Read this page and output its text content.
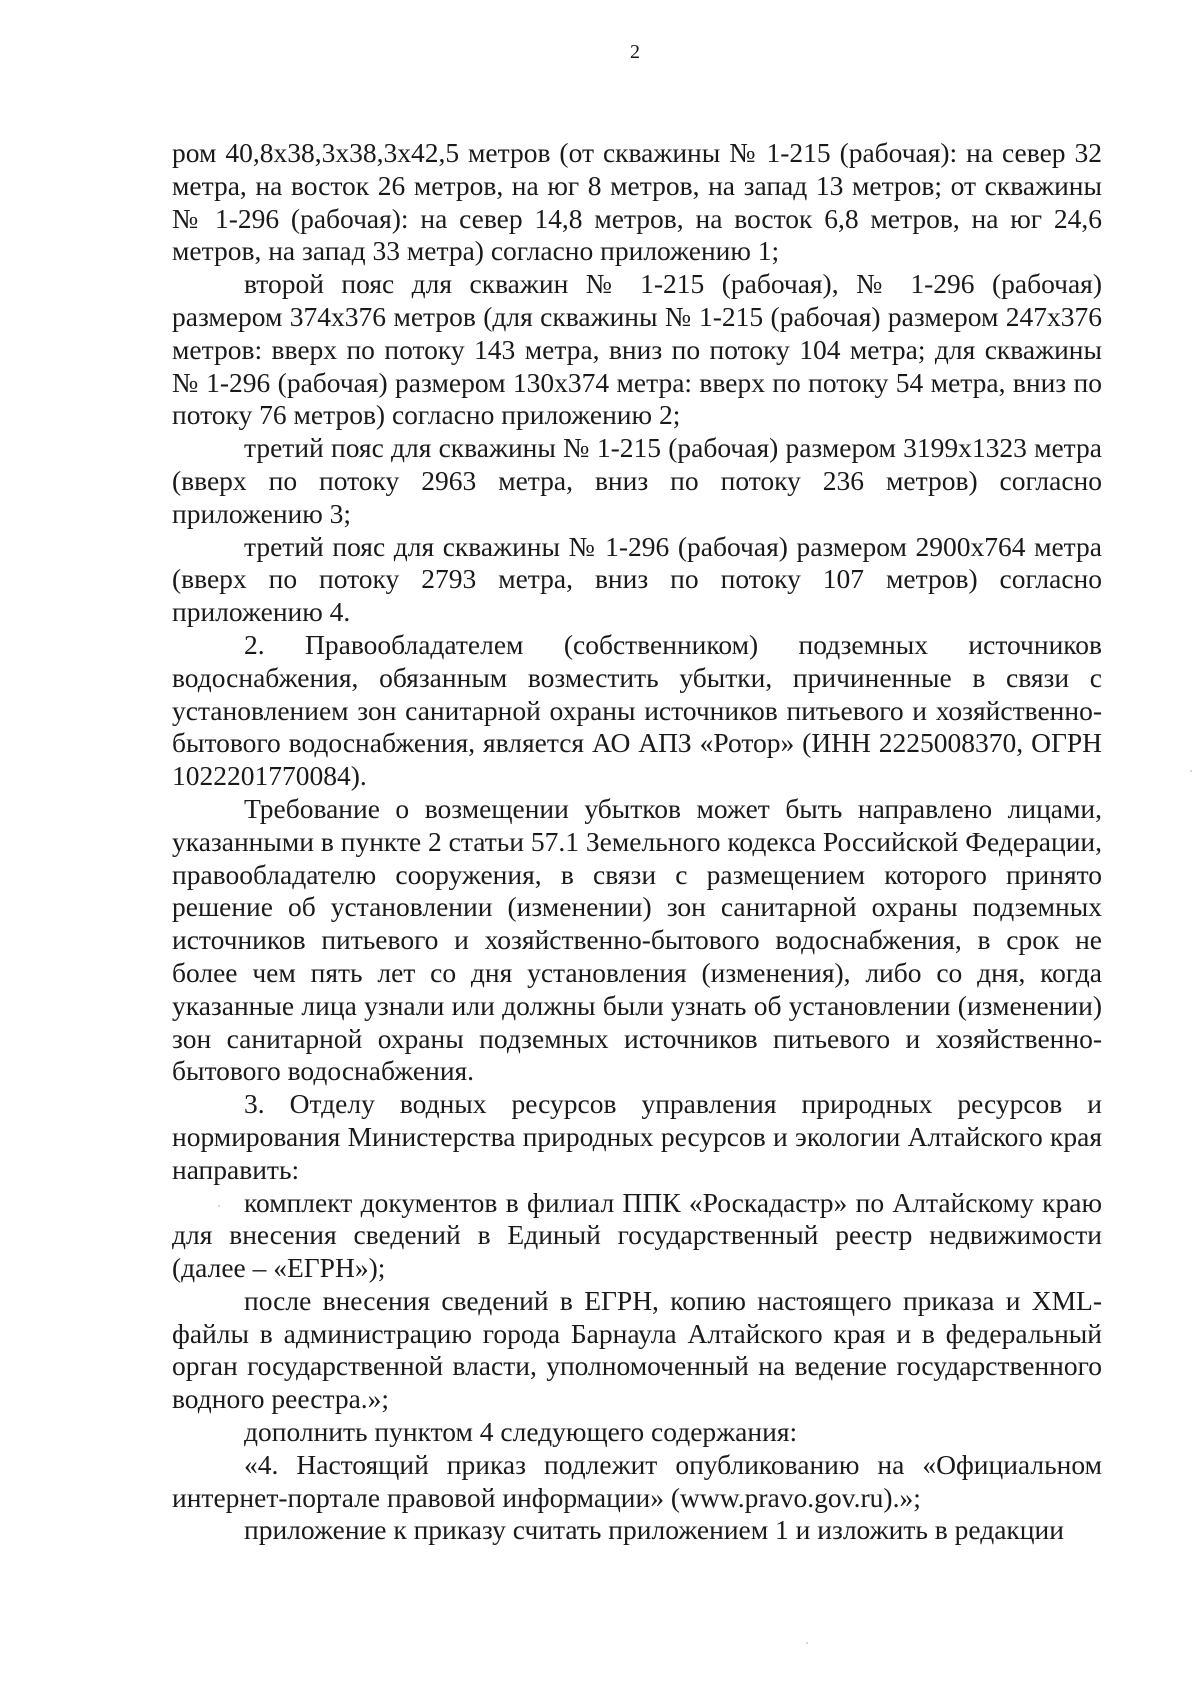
2

ром 40,8х38,3х38,3х42,5 метров (от скважины № 1-215 (рабочая): на север 32 метра, на восток 26 метров, на юг 8 метров, на запад 13 метров; от скважины № 1-296 (рабочая): на север 14,8 метров, на восток 6,8 метров, на юг 24,6 метров, на запад 33 метра) согласно приложению 1;

второй пояс для скважин № 1-215 (рабочая), № 1-296 (рабочая) размером 374х376 метров (для скважины № 1-215 (рабочая) размером 247х376 метров: вверх по потоку 143 метра, вниз по потоку 104 метра; для скважины № 1-296 (рабочая) размером 130х374 метра: вверх по потоку 54 метра, вниз по потоку 76 метров) согласно приложению 2;

третий пояс для скважины № 1-215 (рабочая) размером 3199х1323 метра (вверх по потоку 2963 метра, вниз по потоку 236 метров) согласно приложению 3;

третий пояс для скважины № 1-296 (рабочая) размером 2900х764 метра (вверх по потоку 2793 метра, вниз по потоку 107 метров) согласно приложению 4.

2. Правообладателем (собственником) подземных источников водоснабжения, обязанным возместить убытки, причиненные в связи с установлением зон санитарной охраны источников питьевого и хозяйственно-бытового водоснабжения, является АО АПЗ «Ротор» (ИНН 2225008370, ОГРН 1022201770084).

Требование о возмещении убытков может быть направлено лицами, указанными в пункте 2 статьи 57.1 Земельного кодекса Российской Федерации, правообладателю сооружения, в связи с размещением которого принято решение об установлении (изменении) зон санитарной охраны подземных источников питьевого и хозяйственно-бытового водоснабжения, в срок не более чем пять лет со дня установления (изменения), либо со дня, когда указанные лица узнали или должны были узнать об установлении (изменении) зон санитарной охраны подземных источников питьевого и хозяйственно-бытового водоснабжения.

3. Отделу водных ресурсов управления природных ресурсов и нормирования Министерства природных ресурсов и экологии Алтайского края направить:

комплект документов в филиал ППК «Роскадастр» по Алтайскому краю для внесения сведений в Единый государственный реестр недвижимости (далее – «ЕГРН»);

после внесения сведений в ЕГРН, копию настоящего приказа и XML-файлы в администрацию города Барнаула Алтайского края и в федеральный орган государственной власти, уполномоченный на ведение государственного водного реестра.»;

дополнить пунктом 4 следующего содержания:

«4. Настоящий приказ подлежит опубликованию на «Официальном интернет-портале правовой информации» (www.pravo.gov.ru).»;

приложение к приказу считать приложением 1 и изложить в редакции
